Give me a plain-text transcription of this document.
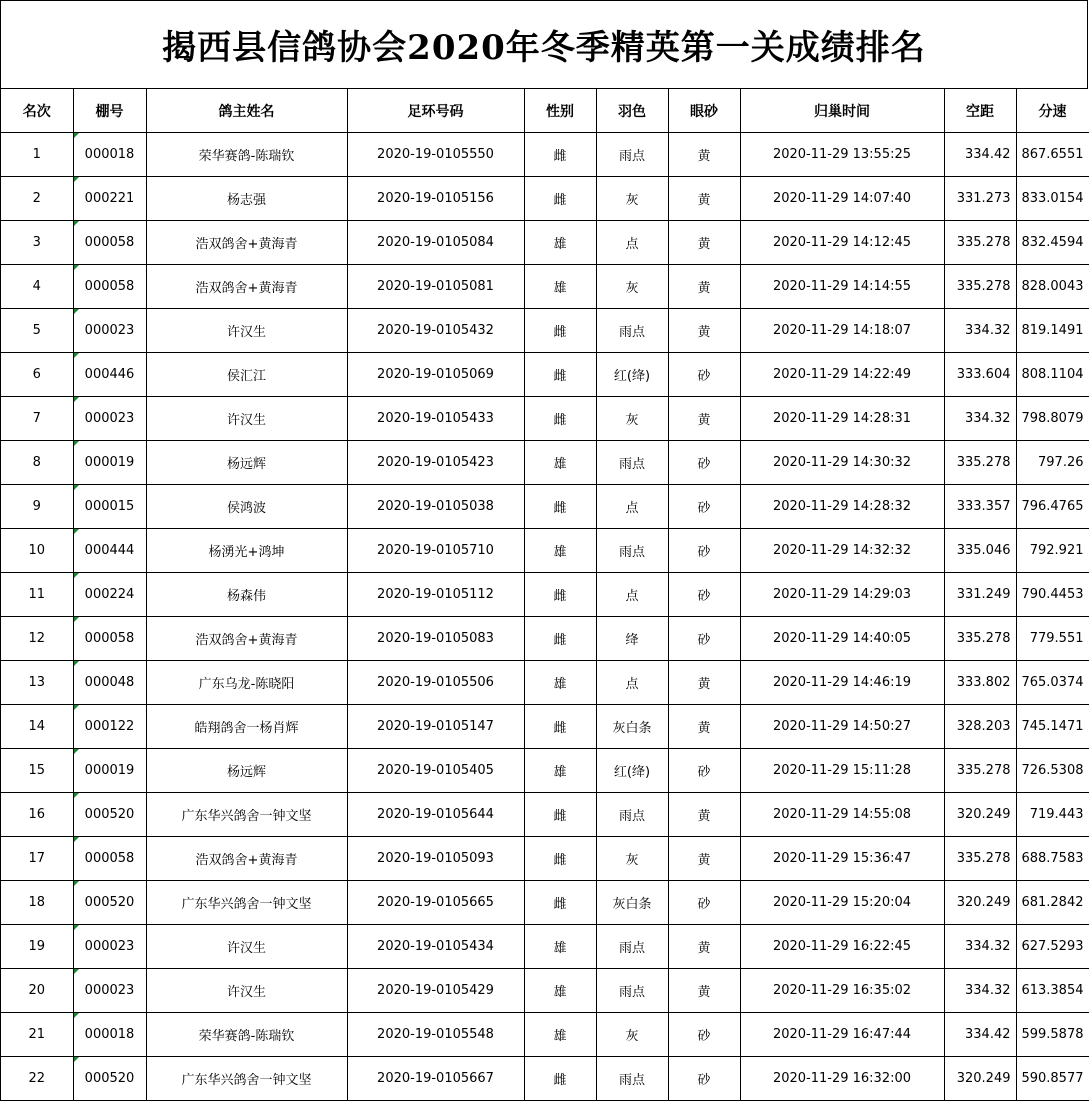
揭西县信鸽协会2020年冬季精英第一关成绩排名
名次	棚号	鸽主姓名	足环号码	性别	羽色	眼砂	归巢时间	空距	分速
1	000018	荣华赛鸽-陈瑞钦	2020-19-0105550	雌	雨点	黄	2020-11-29 13:55:25	334.42	867.6551
2	000221	杨志强	2020-19-0105156	雌	灰	黄	2020-11-29 14:07:40	331.273	833.0154
3	000058	浩双鸽舍+黄海青	2020-19-0105084	雄	点	黄	2020-11-29 14:12:45	335.278	832.4594
4	000058	浩双鸽舍+黄海青	2020-19-0105081	雄	灰	黄	2020-11-29 14:14:55	335.278	828.0043
5	000023	许汉生	2020-19-0105432	雌	雨点	黄	2020-11-29 14:18:07	334.32	819.1491
6	000446	侯汇江	2020-19-0105069	雌	红(绛)	砂	2020-11-29 14:22:49	333.604	808.1104
7	000023	许汉生	2020-19-0105433	雌	灰	黄	2020-11-29 14:28:31	334.32	798.8079
8	000019	杨远辉	2020-19-0105423	雄	雨点	砂	2020-11-29 14:30:32	335.278	797.26
9	000015	侯鸿波	2020-19-0105038	雌	点	砂	2020-11-29 14:28:32	333.357	796.4765
10	000444	杨湧光+鸿坤	2020-19-0105710	雄	雨点	砂	2020-11-29 14:32:32	335.046	792.921
11	000224	杨森伟	2020-19-0105112	雌	点	砂	2020-11-29 14:29:03	331.249	790.4453
12	000058	浩双鸽舍+黄海青	2020-19-0105083	雌	绛	砂	2020-11-29 14:40:05	335.278	779.551
13	000048	广东乌龙-陈晓阳	2020-19-0105506	雄	点	黄	2020-11-29 14:46:19	333.802	765.0374
14	000122	皓翔鸽舍一杨肖辉	2020-19-0105147	雌	灰白条	黄	2020-11-29 14:50:27	328.203	745.1471
15	000019	杨远辉	2020-19-0105405	雄	红(绛)	砂	2020-11-29 15:11:28	335.278	726.5308
16	000520	广东华兴鸽舍一钟文坚	2020-19-0105644	雌	雨点	黄	2020-11-29 14:55:08	320.249	719.443
17	000058	浩双鸽舍+黄海青	2020-19-0105093	雌	灰	黄	2020-11-29 15:36:47	335.278	688.7583
18	000520	广东华兴鸽舍一钟文坚	2020-19-0105665	雌	灰白条	砂	2020-11-29 15:20:04	320.249	681.2842
19	000023	许汉生	2020-19-0105434	雄	雨点	黄	2020-11-29 16:22:45	334.32	627.5293
20	000023	许汉生	2020-19-0105429	雄	雨点	黄	2020-11-29 16:35:02	334.32	613.3854
21	000018	荣华赛鸽-陈瑞钦	2020-19-0105548	雄	灰	砂	2020-11-29 16:47:44	334.42	599.5878
22	000520	广东华兴鸽舍一钟文坚	2020-19-0105667	雌	雨点	砂	2020-11-29 16:32:00	320.249	590.8577
